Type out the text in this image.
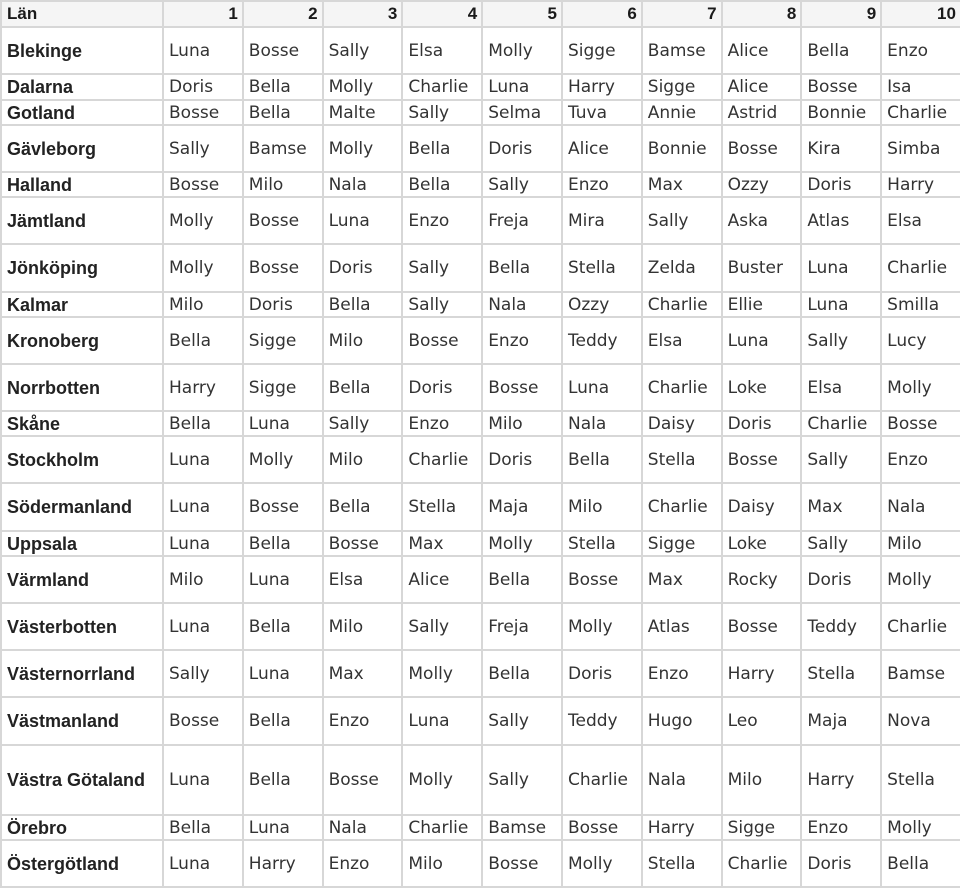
Län	1	2	3	4	5	6	7	8	9	10
Blekinge	Luna	Bosse	Sally	Elsa	Molly	Sigge	Bamse	Alice	Bella	Enzo
Dalarna	Doris	Bella	Molly	Charlie	Luna	Harry	Sigge	Alice	Bosse	Isa
Gotland	Bosse	Bella	Malte	Sally	Selma	Tuva	Annie	Astrid	Bonnie	Charlie
Gävleborg	Sally	Bamse	Molly	Bella	Doris	Alice	Bonnie	Bosse	Kira	Simba
Halland	Bosse	Milo	Nala	Bella	Sally	Enzo	Max	Ozzy	Doris	Harry
Jämtland	Molly	Bosse	Luna	Enzo	Freja	Mira	Sally	Aska	Atlas	Elsa
Jönköping	Molly	Bosse	Doris	Sally	Bella	Stella	Zelda	Buster	Luna	Charlie
Kalmar	Milo	Doris	Bella	Sally	Nala	Ozzy	Charlie	Ellie	Luna	Smilla
Kronoberg	Bella	Sigge	Milo	Bosse	Enzo	Teddy	Elsa	Luna	Sally	Lucy
Norrbotten	Harry	Sigge	Bella	Doris	Bosse	Luna	Charlie	Loke	Elsa	Molly
Skåne	Bella	Luna	Sally	Enzo	Milo	Nala	Daisy	Doris	Charlie	Bosse
Stockholm	Luna	Molly	Milo	Charlie	Doris	Bella	Stella	Bosse	Sally	Enzo
Södermanland	Luna	Bosse	Bella	Stella	Maja	Milo	Charlie	Daisy	Max	Nala
Uppsala	Luna	Bella	Bosse	Max	Molly	Stella	Sigge	Loke	Sally	Milo
Värmland	Milo	Luna	Elsa	Alice	Bella	Bosse	Max	Rocky	Doris	Molly
Västerbotten	Luna	Bella	Milo	Sally	Freja	Molly	Atlas	Bosse	Teddy	Charlie
Västernorrland	Sally	Luna	Max	Molly	Bella	Doris	Enzo	Harry	Stella	Bamse
Västmanland	Bosse	Bella	Enzo	Luna	Sally	Teddy	Hugo	Leo	Maja	Nova
Västra Götaland	Luna	Bella	Bosse	Molly	Sally	Charlie	Nala	Milo	Harry	Stella
Örebro	Bella	Luna	Nala	Charlie	Bamse	Bosse	Harry	Sigge	Enzo	Molly
Östergötland	Luna	Harry	Enzo	Milo	Bosse	Molly	Stella	Charlie	Doris	Bella
